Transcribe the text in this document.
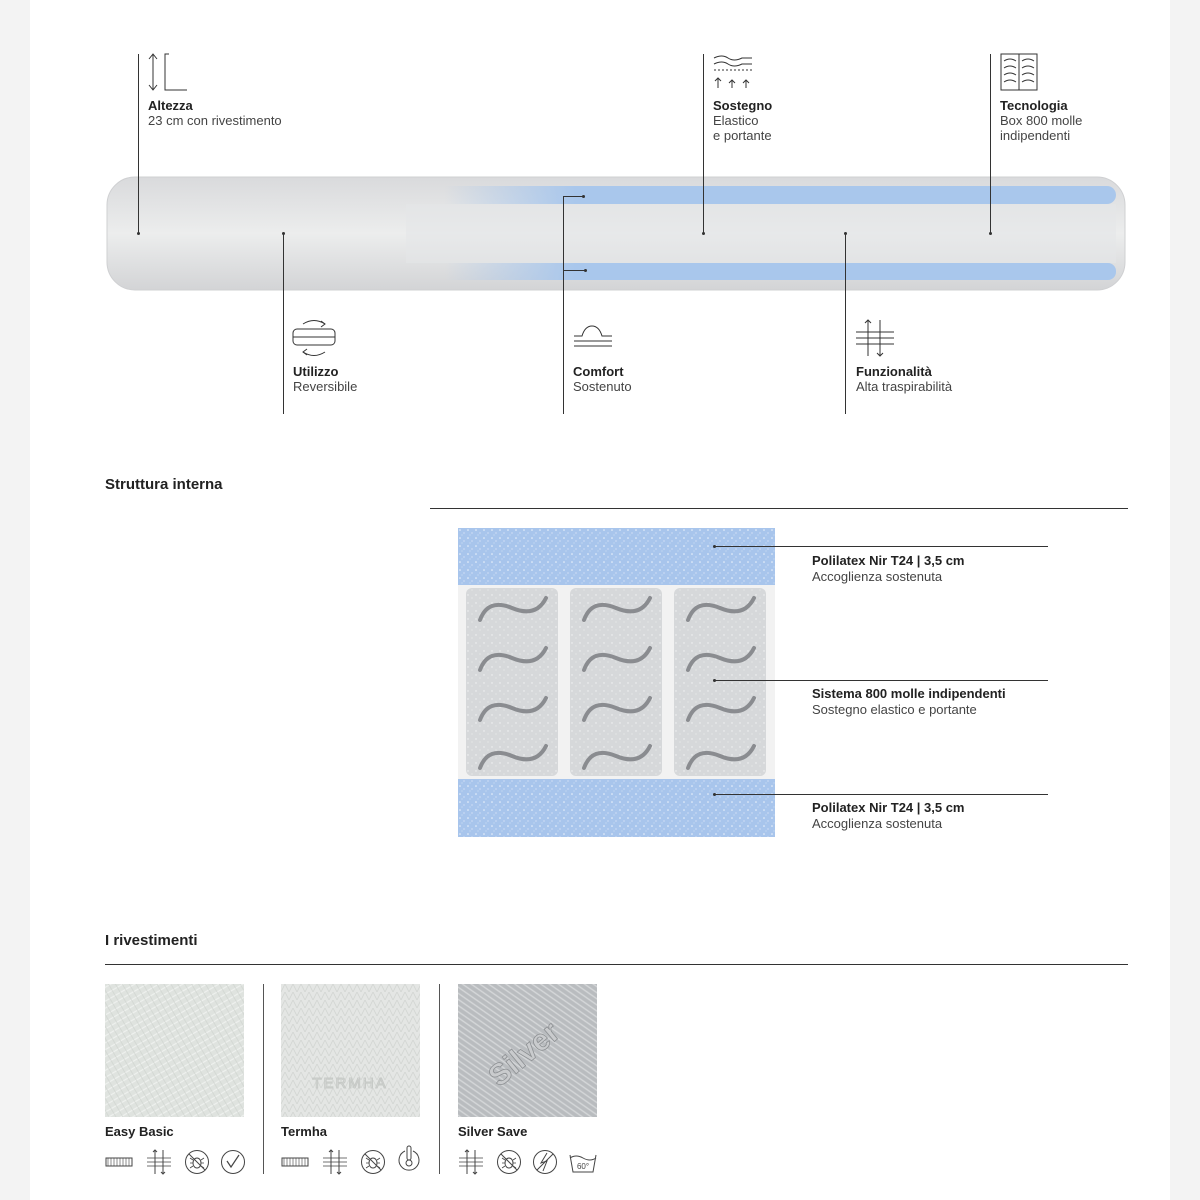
Altezza
23 cm con rivestimento
Sostegno
Elastico
e portante
Tecnologia
Box 800 molle
indipendenti
Utilizzo
Reversibile
Comfort
Sostenuto
Funzionalità
Alta traspirabilità
Struttura interna
Polilatex Nir T24 | 3,5 cm
Accoglienza sostenuta
Sistema 800 molle indipendenti
Sostegno elastico e portante
Polilatex Nir T24 | 3,5 cm
Accoglienza sostenuta
I rivestimenti
Easy Basic
TERMHA
Termha
Silver
Silver Save
60°
